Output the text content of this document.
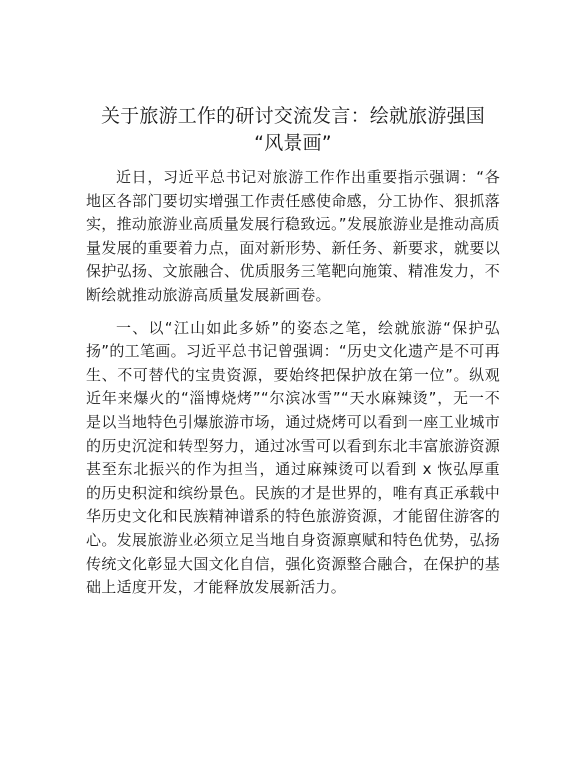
关于旅游工作的研讨交流发言：绘就旅游强国
“风景画”

近日，习近平总书记对旅游工作作出重要指示强调：“各地区各部门要切实增强工作责任感使命感，分工协作、狠抓落实，推动旅游业高质量发展行稳致远。”发展旅游业是推动高质量发展的重要着力点，面对新形势、新任务、新要求，就要以保护弘扬、文旅融合、优质服务三笔靶向施策、精准发力，不断绘就推动旅游高质量发展新画卷。

一、以“江山如此多娇”的姿态之笔，绘就旅游“保护弘扬”的工笔画。习近平总书记曾强调：“历史文化遗产是不可再生、不可替代的宝贵资源，要始终把保护放在第一位”。纵观近年来爆火的“淄博烧烤”“尔滨冰雪”“天水麻辣烫”，无一不是以当地特色引爆旅游市场，通过烧烤可以看到一座工业城市的历史沉淀和转型努力，通过冰雪可以看到东北丰富旅游资源甚至东北振兴的作为担当，通过麻辣烫可以看到 x 恢弘厚重的历史积淀和缤纷景色。民族的才是世界的，唯有真正承载中华历史文化和民族精神谱系的特色旅游资源，才能留住游客的心。发展旅游业必须立足当地自身资源禀赋和特色优势，弘扬传统文化彰显大国文化自信，强化资源整合融合，在保护的基础上适度开发，才能释放发展新活力。
